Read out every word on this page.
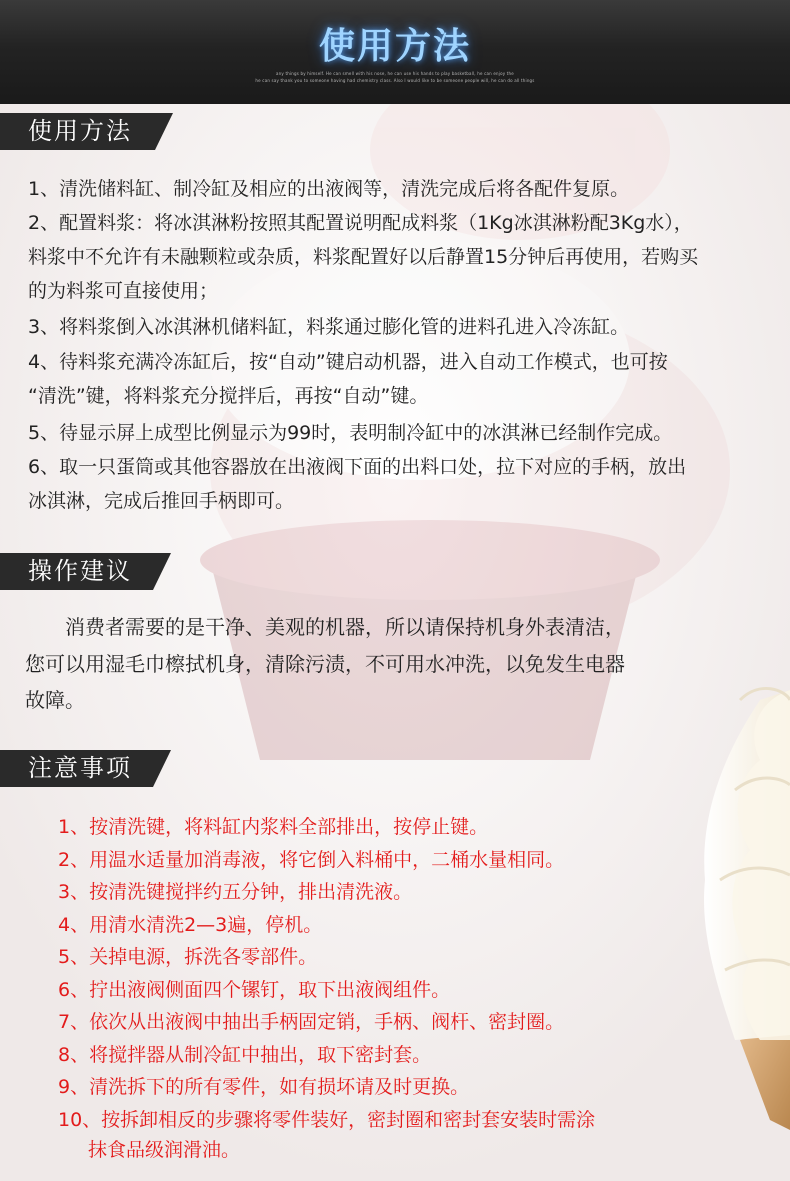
使用方法
any things by himself. He can smell with his nose, he can use his hands to play basketball, he can enjoy the
he can say thank you to someone having had chemistry class. Also I would like to be someone people will, he can do all things
使用方法
1、清洗储料缸、制冷缸及相应的出液阀等，清洗完成后将各配件复原。
2、配置料浆：将冰淇淋粉按照其配置说明配成料浆（1Kg冰淇淋粉配3Kg水），
料浆中不允许有未融颗粒或杂质，料浆配置好以后静置15分钟后再使用，若购买
的为料浆可直接使用；
3、将料浆倒入冰淇淋机储料缸，料浆通过膨化管的进料孔进入冷冻缸。
4、待料浆充满冷冻缸后，按“自动”键启动机器，进入自动工作模式，也可按
“清洗”键，将料浆充分搅拌后，再按“自动”键。
5、待显示屏上成型比例显示为99时，表明制冷缸中的冰淇淋已经制作完成。
6、取一只蛋筒或其他容器放在出液阀下面的出料口处，拉下对应的手柄，放出
冰淇淋，完成后推回手柄即可。
操作建议
消费者需要的是干净、美观的机器，所以请保持机身外表清洁，
您可以用湿毛巾檫拭机身，清除污渍，不可用水冲洗，以免发生电器
故障。
注意事项
1、按清洗键，将料缸内浆料全部排出，按停止键。
2、用温水适量加消毒液，将它倒入料桶中，二桶水量相同。
3、按清洗键搅拌约五分钟，排出清洗液。
4、用清水清洗2—3遍，停机。
5、关掉电源，拆洗各零部件。
6、拧出液阀侧面四个镙钉，取下出液阀组件。
7、依次从出液阀中抽出手柄固定销，手柄、阀杆、密封圈。
8、将搅拌器从制冷缸中抽出，取下密封套。
9、清洗拆下的所有零件，如有损坏请及时更换。
10、按拆卸相反的步骤将零件装好，密封圈和密封套安装时需涂
抹食品级润滑油。
